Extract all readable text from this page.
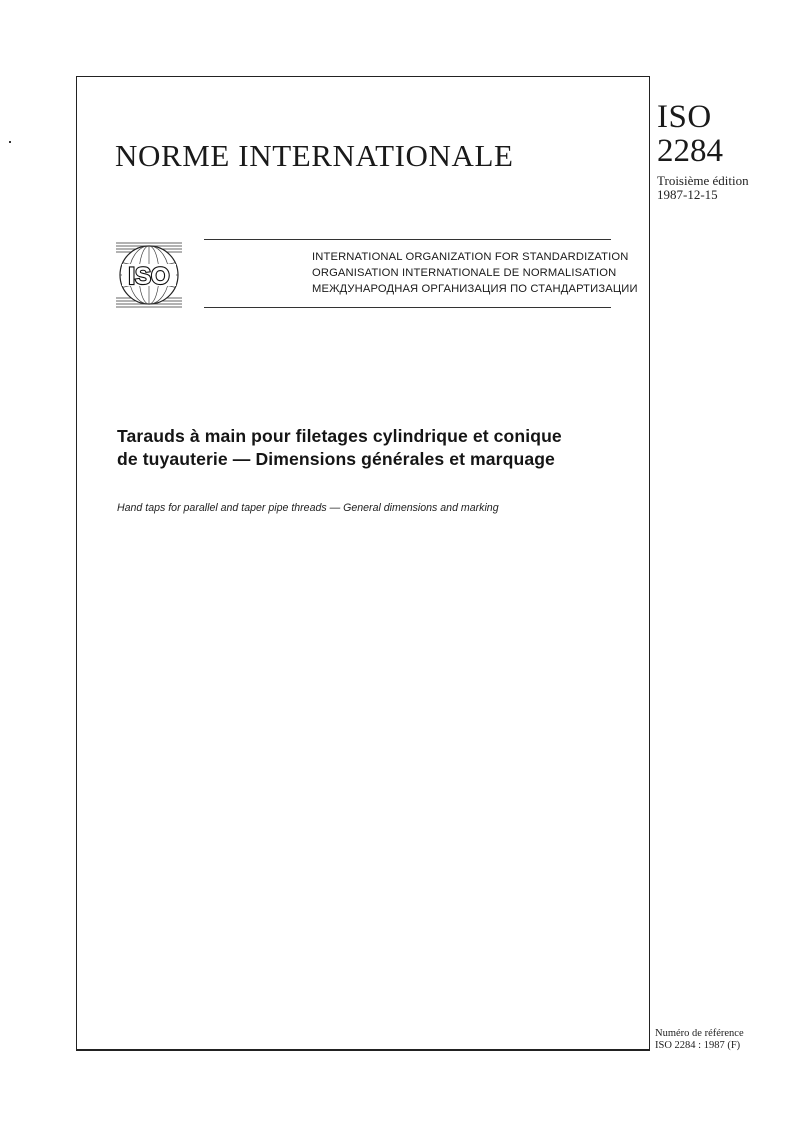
NORME INTERNATIONALE
ISO
2284
Troisième édition
1987-12-15
ISO
INTERNATIONAL ORGANIZATION FOR STANDARDIZATION
ORGANISATION INTERNATIONALE DE NORMALISATION
МЕЖДУНАРОДНАЯ ОРГАНИЗАЦИЯ ПО СТАНДАРТИЗАЦИИ
Tarauds à main pour filetages cylindrique et conique
de tuyauterie — Dimensions générales et marquage
Hand taps for parallel and taper pipe threads — General dimensions and marking
Numéro de référence
ISO 2284 : 1987 (F)
